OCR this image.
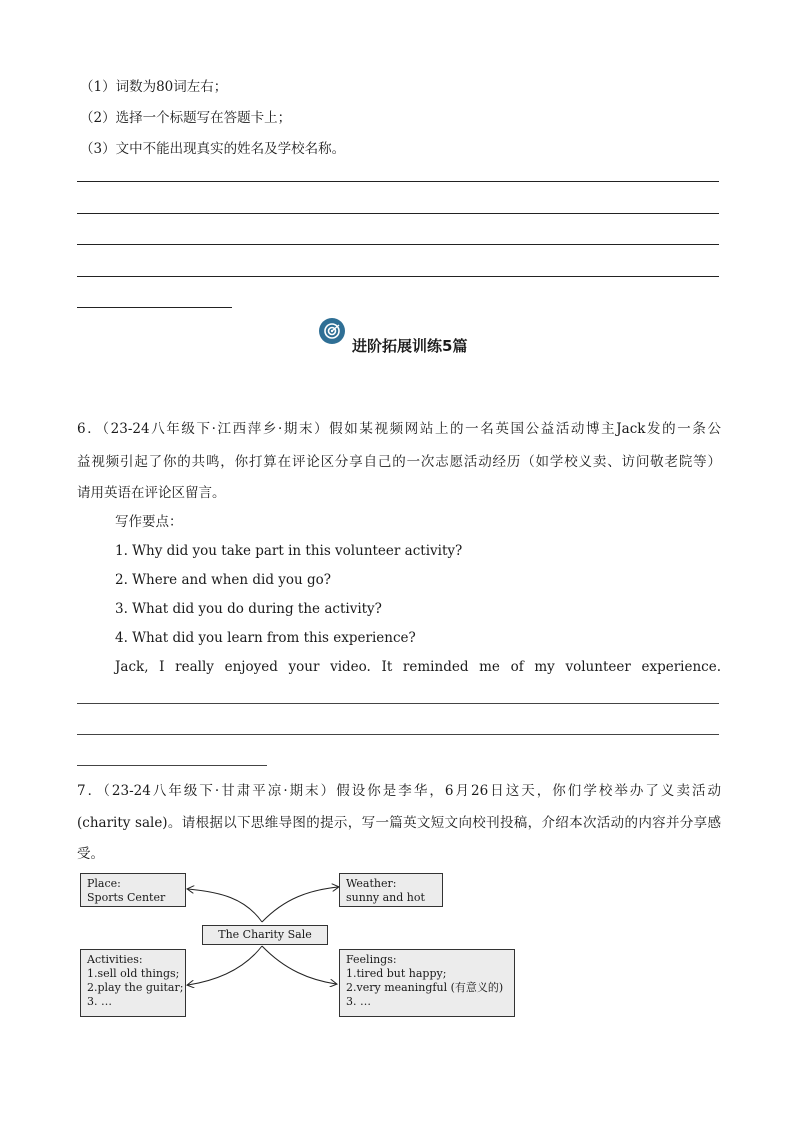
（1）词数为80词左右；
（2）选择一个标题写在答题卡上；
（3）文中不能出现真实的姓名及学校名称。
进阶拓展训练5篇
6．（23-24八年级下·江西萍乡·期末）假如某视频网站上的一名英国公益活动博主Jack发的一条公
益视频引起了你的共鸣，你打算在评论区分享自己的一次志愿活动经历（如学校义卖、访问敬老院等）
请用英语在评论区留言。
写作要点：
1. Why did you take part in this volunteer activity?
2. Where and when did you go?
3. What did you do during the activity?
4. What did you learn from this experience?
Jack, I really enjoyed your video. It reminded me of my volunteer experience.
7．（23-24八年级下·甘肃平凉·期末）假设你是李华，6月26日这天，你们学校举办了义卖活动
(charity sale)。请根据以下思维导图的提示，写一篇英文短文向校刊投稿，介绍本次活动的内容并分享感
受。
Place:
Sports Center
Weather:
sunny and hot
The Charity Sale
Activities:
1.sell old things;
2.play the guitar;
3. …
Feelings:
1.tired but happy;
2.very meaningful (有意义的)
3. …
